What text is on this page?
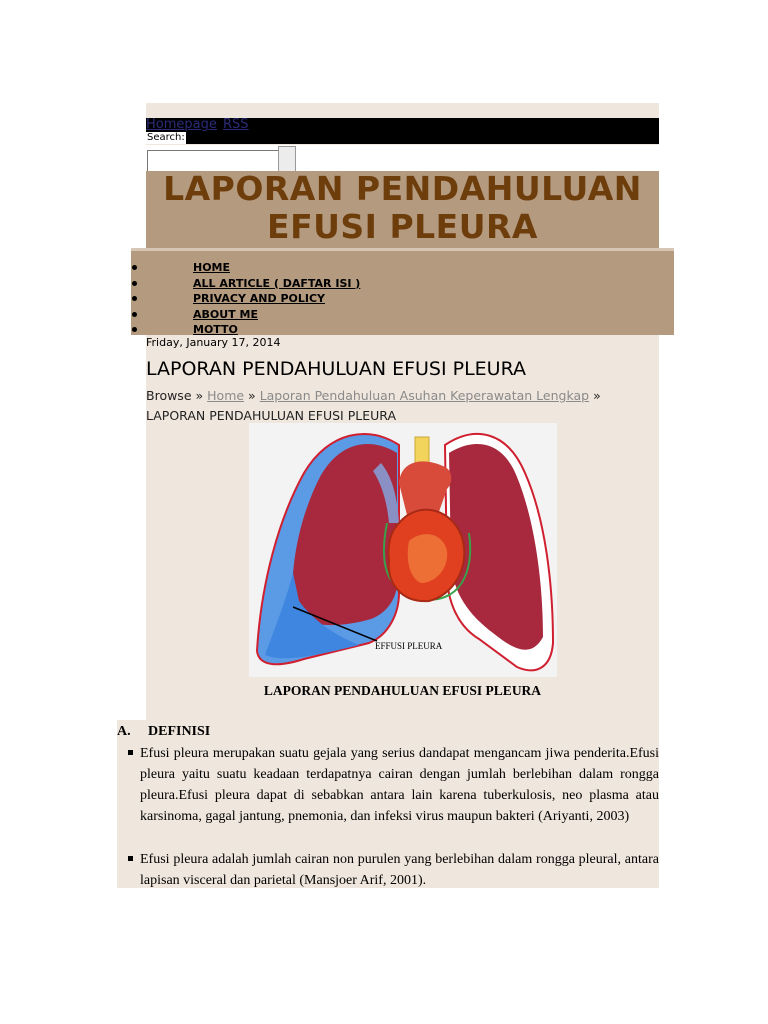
Homepage RSS
Search:
LAPORAN PENDAHULUAN
EFUSI PLEURA
HOME
ALL ARTICLE ( DAFTAR ISI )
PRIVACY AND POLICY
ABOUT ME
MOTTO
Friday, January 17, 2014
LAPORAN PENDAHULUAN EFUSI PLEURA
Browse » Home » Laporan Pendahuluan Asuhan Keperawatan Lengkap » LAPORAN PENDAHULUAN EFUSI PLEURA
EFFUSI PLEURA
LAPORAN PENDAHULUAN EFUSI PLEURA
A. DEFINISI
Efusi pleura merupakan suatu gejala yang serius dandapat mengancam jiwa penderita.Efusi pleura yaitu suatu keadaan terdapatnya cairan dengan jumlah berlebihan dalam rongga pleura.Efusi pleura dapat di sebabkan antara lain karena tuberkulosis, neo plasma atau karsinoma, gagal jantung, pnemonia, dan infeksi virus maupun bakteri (Ariyanti, 2003)
Efusi pleura adalah jumlah cairan non purulen yang berlebihan dalam rongga pleural, antara lapisan visceral dan parietal (Mansjoer Arif, 2001).
